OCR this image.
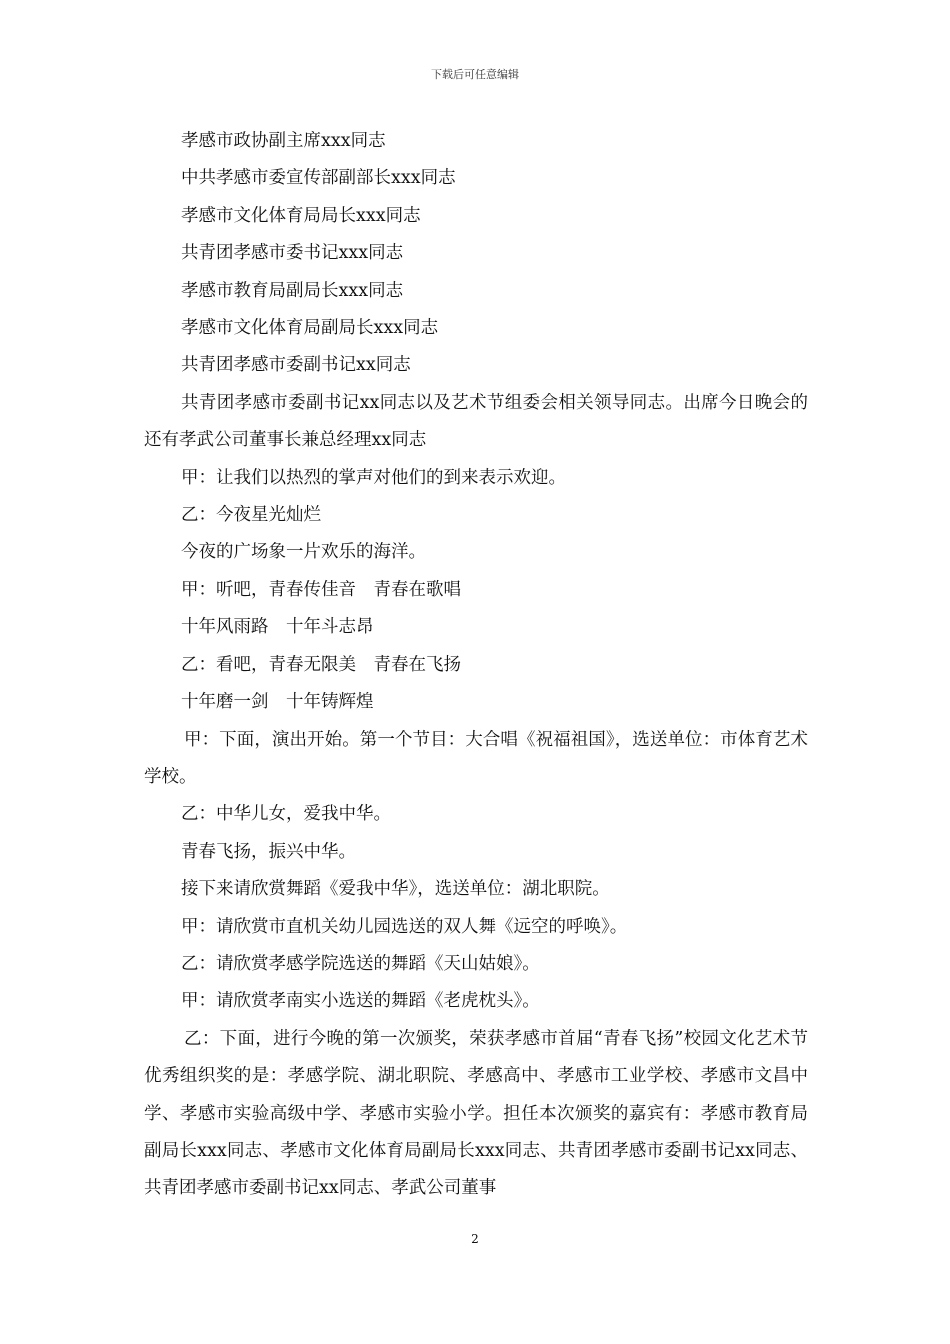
下载后可任意编辑

孝感市政协副主席xxx同志

中共孝感市委宣传部副部长xxx同志

孝感市文化体育局局长xxx同志

共青团孝感市委书记xxx同志

孝感市教育局副局长xxx同志

孝感市文化体育局副局长xxx同志

共青团孝感市委副书记xx同志

共青团孝感市委副书记xx同志以及艺术节组委会相关领导同志。出席今日晚会的还有孝武公司董事长兼总经理xx同志

甲：让我们以热烈的掌声对他们的到来表示欢迎。

乙：今夜星光灿烂

今夜的广场象一片欢乐的海洋。

甲：听吧，青春传佳音　青春在歌唱

十年风雨路　十年斗志昂

乙：看吧，青春无限美　青春在飞扬

十年磨一剑　十年铸辉煌

甲：下面，演出开始。第一个节目：大合唱《祝福祖国》，选送单位：市体育艺术学校。

乙：中华儿女，爱我中华。

青春飞扬，振兴中华。

接下来请欣赏舞蹈《爱我中华》，选送单位：湖北职院。

甲：请欣赏市直机关幼儿园选送的双人舞《远空的呼唤》。

乙：请欣赏孝感学院选送的舞蹈《天山姑娘》。

甲：请欣赏孝南实小选送的舞蹈《老虎枕头》。

乙：下面，进行今晚的第一次颁奖，荣获孝感市首届“青春飞扬”校园文化艺术节优秀组织奖的是：孝感学院、湖北职院、孝感高中、孝感市工业学校、孝感市文昌中学、孝感市实验高级中学、孝感市实验小学。担任本次颁奖的嘉宾有：孝感市教育局副局长xxx同志、孝感市文化体育局副局长xxx同志、共青团孝感市委副书记xx同志、共青团孝感市委副书记xx同志、孝武公司董事

2
